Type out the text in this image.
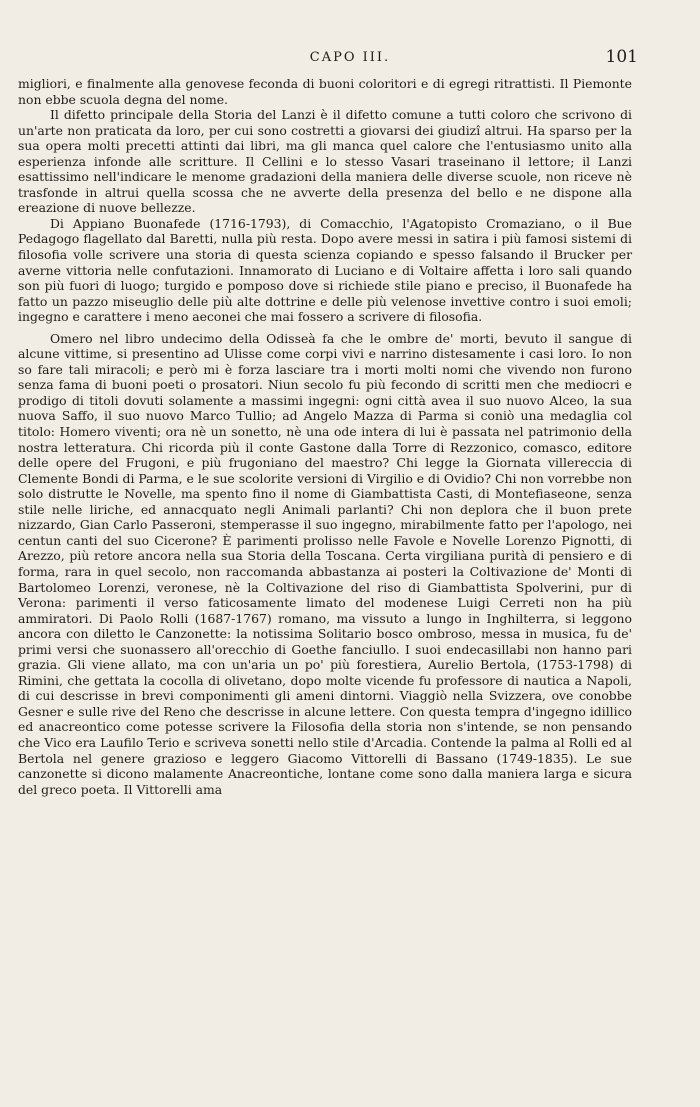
CAPO III.	101

migliori, e finalmente alla genovese feconda di buoni coloritori e di egregi ritrattisti. Il Piemonte non ebbe scuola degna del nome.

Il difetto principale della Storia del Lanzi è il difetto comune a tutti coloro che scrivono di un'arte non praticata da loro, per cui sono costretti a giovarsi dei giudizî altrui. Ha sparso per la sua opera molti precetti attinti dai libri, ma gli manca quel calore che l'entusiasmo unito alla esperienza infonde alle scritture. Il Cellini e lo stesso Vasari traseinano il lettore; il Lanzi esattissimo nell'indicare le menome gradazioni della maniera delle diverse scuole, non riceve nè trasfonde in altrui quella scossa che ne avverte della presenza del bello e ne dispone alla ereazione di nuove bellezze.

Di Appiano Buonafede (1716-1793), di Comacchio, l'Agatopisto Cromaziano, o il Bue Pedagogo flagellato dal Baretti, nulla più resta. Dopo avere messi in satira i più famosi sistemi di filosofia volle scrivere una storia di questa scienza copiando e spesso falsando il Brucker per averne vittoria nelle confutazioni. Innamorato di Luciano e di Voltaire affetta i loro sali quando son più fuori di luogo; turgido e pomposo dove si richiede stile piano e preciso, il Buonafede ha fatto un pazzo miseuglio delle più alte dottrine e delle più velenose invettive contro i suoi emoli; ingegno e carattere i meno aeconei che mai fossero a scrivere di filosofia.

Omero nel libro undecimo della Odisseà fa che le ombre de' morti, bevuto il sangue di alcune vittime, si presentino ad Ulisse come corpi vivi e narrino distesamente i casi loro. Io non so fare tali miracoli; e però mi è forza lasciare tra i morti molti nomi che vivendo non furono senza fama di buoni poeti o prosatori. Niun secolo fu più fecondo di scritti men che mediocri e prodigo di titoli dovuti solamente a massimi ingegni: ogni città avea il suo nuovo Alceo, la sua nuova Saffo, il suo nuovo Marco Tullio; ad Angelo Mazza di Parma si coniò una medaglia col titolo: Homero viventi; ora nè un sonetto, nè una ode intera di lui è passata nel patrimonio della nostra letteratura. Chi ricorda più il conte Gastone dalla Torre di Rezzonico, comasco, editore delle opere del Frugoni, e più frugoniano del maestro? Chi legge la Giornata villereccia di Clemente Bondi di Parma, e le sue scolorite versioni di Virgilio e di Ovidio? Chi non vorrebbe non solo distrutte le Novelle, ma spento fino il nome di Giambattista Casti, di Montefiaseone, senza stile nelle liriche, ed annacquato negli Animali parlanti? Chi non deplora che il buon prete nizzardo, Gian Carlo Passeroni, stemperasse il suo ingegno, mirabilmente fatto per l'apologo, nei centun canti del suo Cicerone? È parimenti prolisso nelle Favole e Novelle Lorenzo Pignotti, di Arezzo, più retore ancora nella sua Storia della Toscana. Certa virgiliana purità di pensiero e di forma, rara in quel secolo, non raccomanda abbastanza ai posteri la Coltivazione de' Monti di Bartolomeo Lorenzi, veronese, nè la Coltivazione del riso di Giambattista Spolverini, pur di Verona: parimenti il verso faticosamente limato del modenese Luigi Cerreti non ha più ammiratori. Di Paolo Rolli (1687-1767) romano, ma vissuto a lungo in Inghilterra, si leggono ancora con diletto le Canzonette: la notissima Solitario bosco ombroso, messa in musica, fu de' primi versi che suonassero all'orecchio di Goethe fanciullo. I suoi endecasillabi non hanno pari grazia. Gli viene allato, ma con un'aria un po' più forestiera, Aurelio Bertola, (1753-1798) di Rimini, che gettata la cocolla di olivetano, dopo molte vicende fu professore di nautica a Napoli, di cui descrisse in brevi componimenti gli ameni dintorni. Viaggiò nella Svizzera, ove conobbe Gesner e sulle rive del Reno che descrisse in alcune lettere. Con questa tempra d'ingegno idillico ed anacreontico come potesse scrivere la Filosofia della storia non s'intende, se non pensando che Vico era Laufilo Terio e scriveva sonetti nello stile d'Arcadia. Contende la palma al Rolli ed al Bertola nel genere grazioso e leggero Giacomo Vittorelli di Bassano (1749-1835). Le sue canzonette si dicono malamente Anacreontiche, lontane come sono dalla maniera larga e sicura del greco poeta. Il Vittorelli ama
